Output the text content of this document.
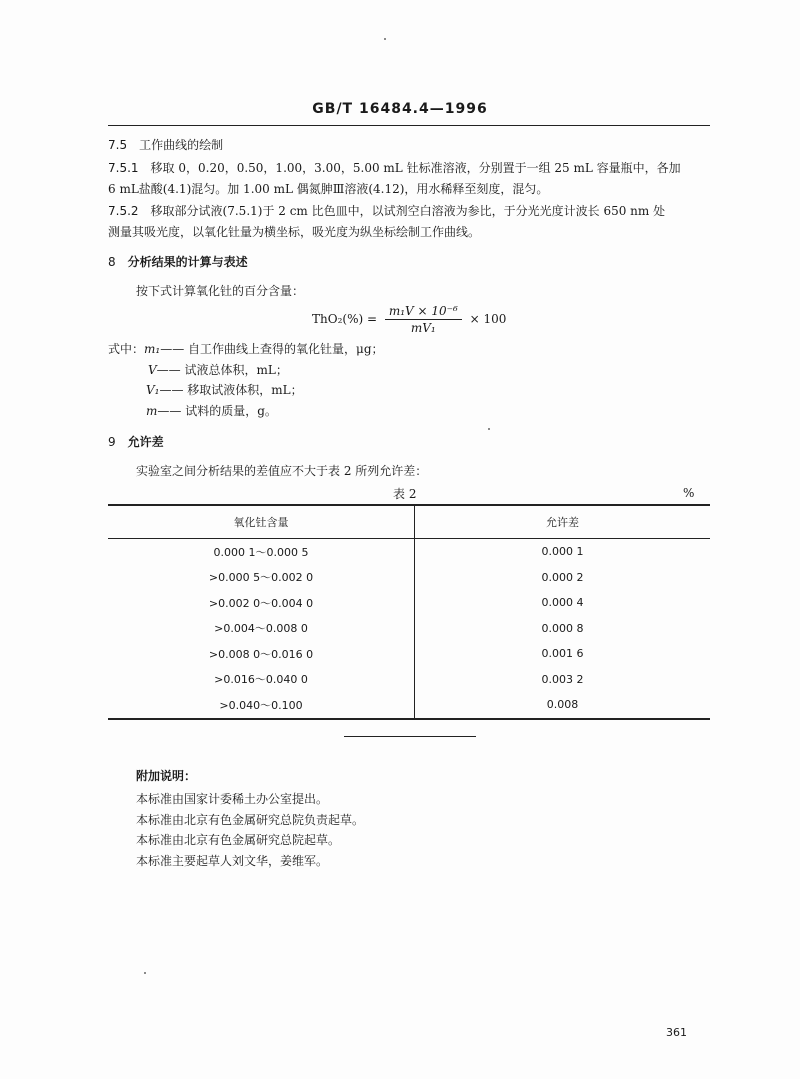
GB/T 16484.4—1996
7.5 工作曲线的绘制
7.5.1 移取 0，0.20，0.50，1.00，3.00，5.00 mL 钍标准溶液，分别置于一组 25 mL 容量瓶中，各加
6 mL盐酸(4.1)混匀。加 1.00 mL 偶氮胂Ⅲ溶液(4.12)，用水稀释至刻度，混匀。
7.5.2 移取部分试液(7.5.1)于 2 cm 比色皿中，以试剂空白溶液为参比，于分光光度计波长 650 nm 处
测量其吸光度，以氧化钍量为横坐标，吸光度为纵坐标绘制工作曲线。
8 分析结果的计算与表述
按下式计算氧化钍的百分含量：
$ThO_2(\%) = \frac{\text{m₁V × 10⁻⁶}}{\text{mV₁}} \times 100$
式中：m₁—— 自工作曲线上查得的氧化钍量，μg；
V—— 试液总体积，mL；
V₁—— 移取试液体积，mL；
m—— 试料的质量，g。
9 允许差
实验室之间分析结果的差值应不大于表 2 所列允许差：
表 2	%
氧化钍含量	允许差
0.000 1～0.000 5	0.000 1
>0.000 5～0.002 0	0.000 2
>0.002 0～0.004 0	0.000 4
>0.004～0.008 0	0.000 8
>0.008 0～0.016 0	0.001 6
>0.016～0.040 0	0.003 2
>0.040～0.100	0.008
附加说明：
本标准由国家计委稀土办公室提出。
本标准由北京有色金属研究总院负责起草。
本标准由北京有色金属研究总院起草。
本标准主要起草人刘文华，姜维军。
361
